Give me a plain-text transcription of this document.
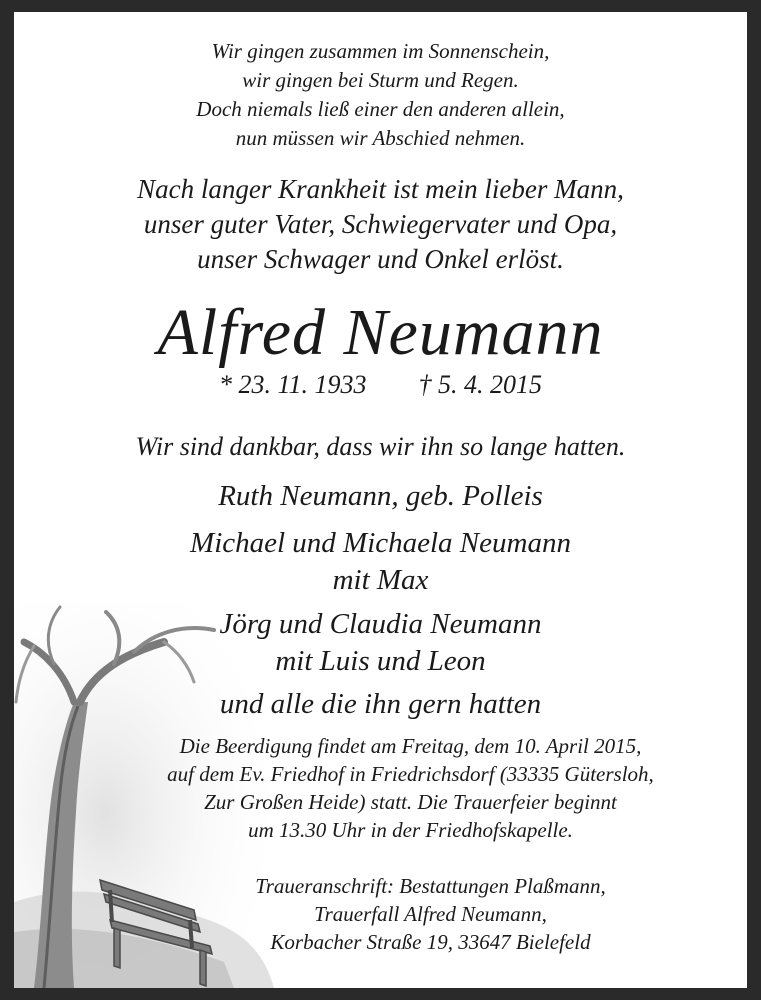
Wir gingen zusammen im Sonnenschein,
wir gingen bei Sturm und Regen.
Doch niemals ließ einer den anderen allein,
nun müssen wir Abschied nehmen.
Nach langer Krankheit ist mein lieber Mann,
unser guter Vater, Schwiegervater und Opa,
unser Schwager und Onkel erlöst.
Alfred Neumann
* 23. 11. 1933 † 5. 4. 2015
Wir sind dankbar, dass wir ihn so lange hatten.
Ruth Neumann, geb. Polleis
Michael und Michaela Neumann
mit Max
Jörg und Claudia Neumann
mit Luis und Leon
und alle die ihn gern hatten
Die Beerdigung findet am Freitag, dem 10. April 2015,
auf dem Ev. Friedhof in Friedrichsdorf (33335 Gütersloh,
Zur Großen Heide) statt. Die Trauerfeier beginnt
um 13.30 Uhr in der Friedhofskapelle.
Traueranschrift: Bestattungen Plaßmann,
Trauerfall Alfred Neumann,
Korbacher Straße 19, 33647 Bielefeld
